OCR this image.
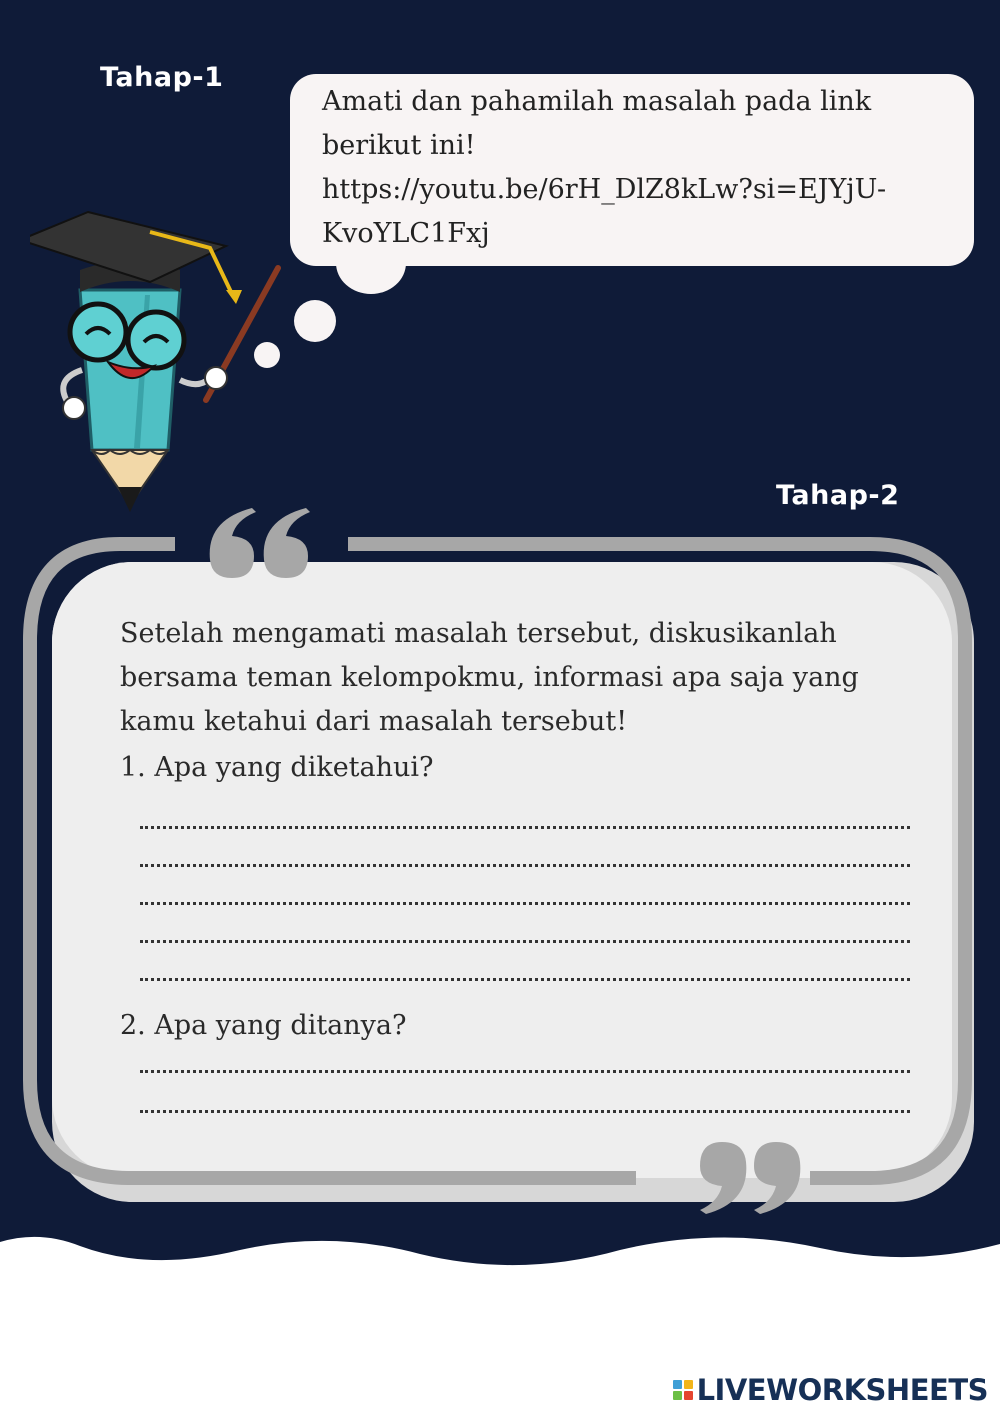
Tahap-1
Amati dan pahamilah masalah pada link
berikut ini!
https://youtu.be/6rH_DlZ8kLw?si=EJYjU-
KvoYLC1Fxj
Tahap-2
Setelah mengamati masalah tersebut, diskusikanlah
bersama teman kelompokmu, informasi apa saja yang
kamu ketahui dari masalah tersebut!
1. Apa yang diketahui?
2. Apa yang ditanya?
LIVEWORKSHEETS
